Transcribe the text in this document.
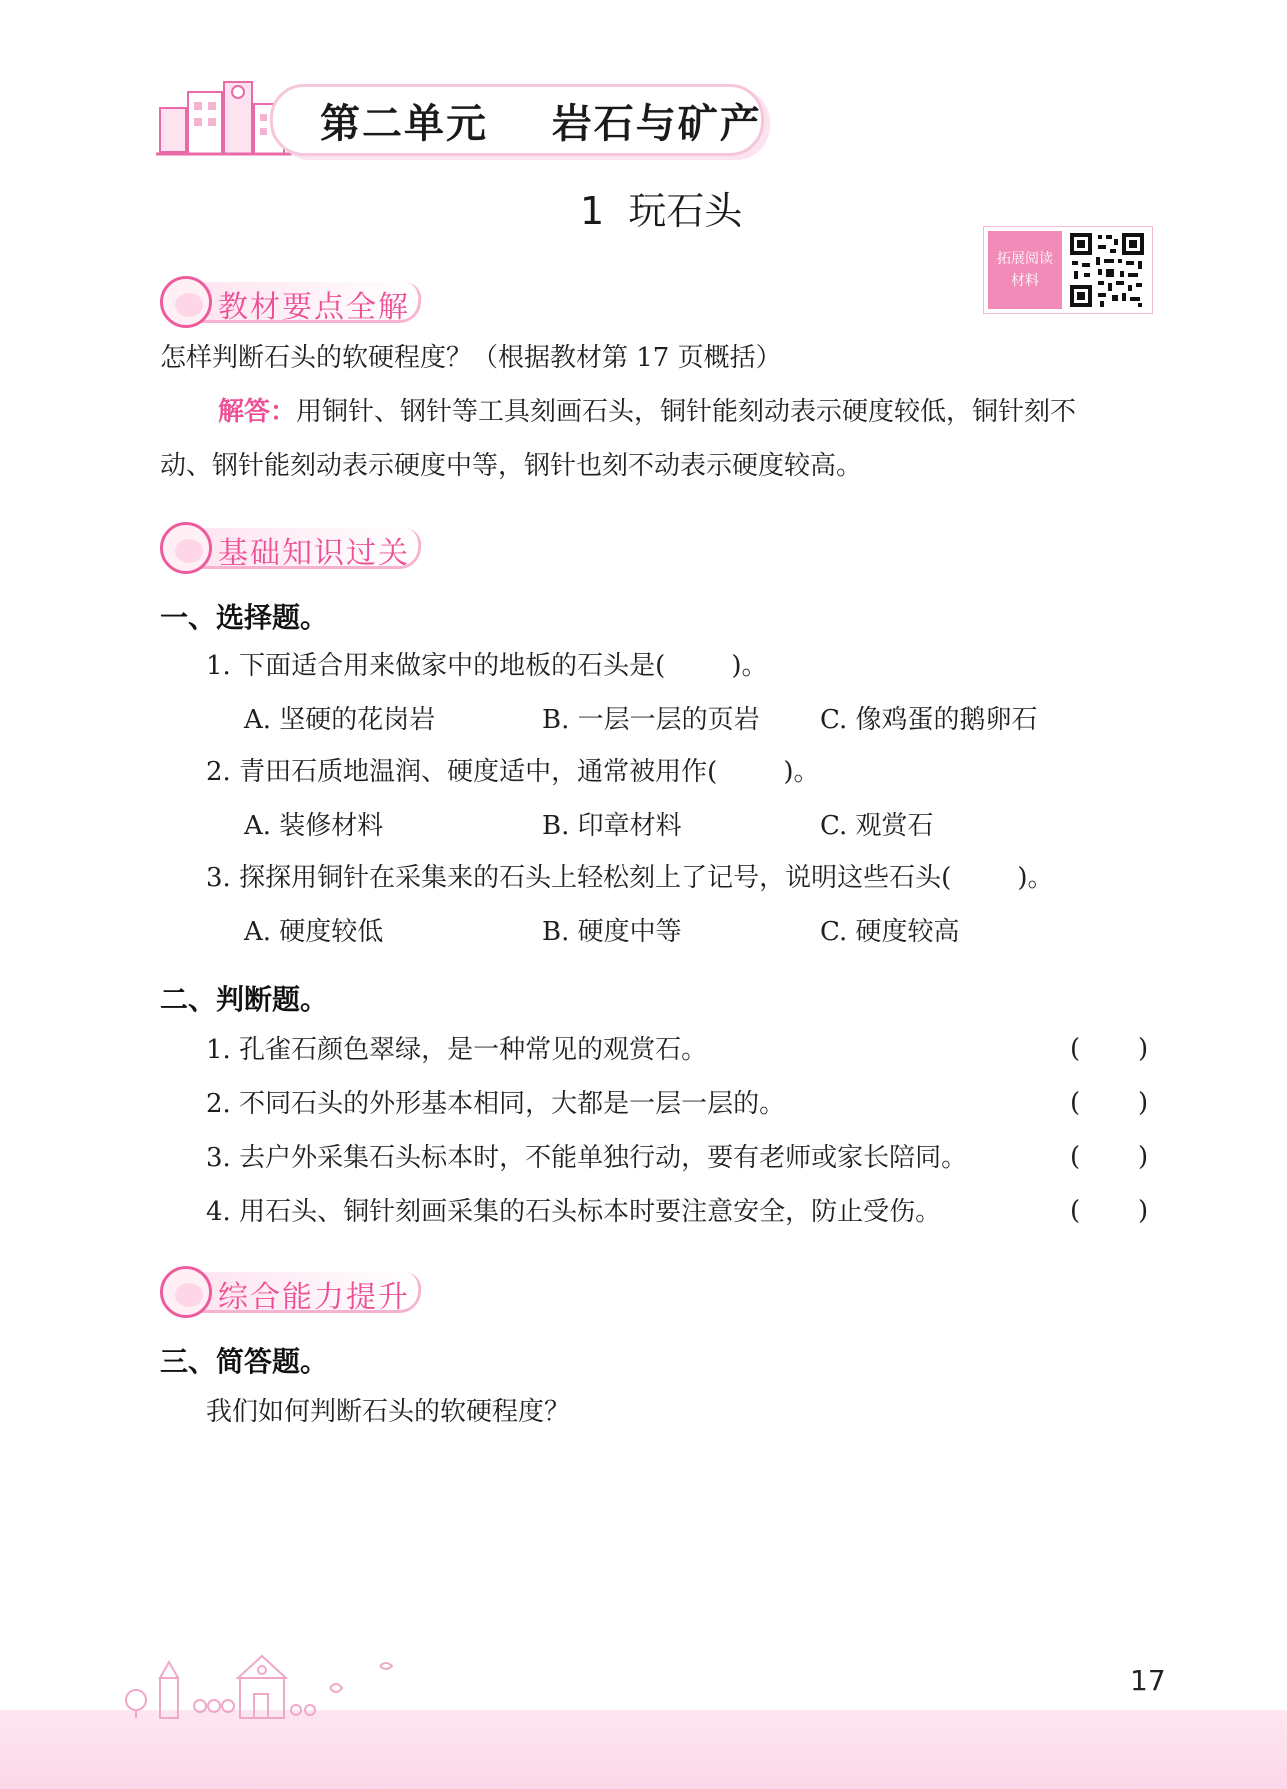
第二单元    岩石与矿产
1  玩石头
拓展阅读
材料
教材要点全解
怎样判断石头的软硬程度？（根据教材第 17 页概括）
解答：用铜针、钢针等工具刻画石头，铜针能刻动表示硬度较低，铜针刻不
动、钢针能刻动表示硬度中等，钢针也刻不动表示硬度较高。
基础知识过关
一、选择题。
1. 下面适合用来做家中的地板的石头是(        )。
A. 坚硬的花岗岩	B. 一层一层的页岩 C. 像鸡蛋的鹅卵石
2. 青田石质地温润、硬度适中，通常被用作(        )。
A. 装修材料	B. 印章材料	C. 观赏石
3. 探探用铜针在采集来的石头上轻松刻上了记号，说明这些石头(        )。
A. 硬度较低	B. 硬度中等	C. 硬度较高
二、判断题。
1. 孔雀石颜色翠绿，是一种常见的观赏石。	(       )
2. 不同石头的外形基本相同，大都是一层一层的。	(       )
3. 去户外采集石头标本时，不能单独行动，要有老师或家长陪同。	(       )
4. 用石头、铜针刻画采集的石头标本时要注意安全，防止受伤。	(       )
综合能力提升
三、简答题。
我们如何判断石头的软硬程度？
17
